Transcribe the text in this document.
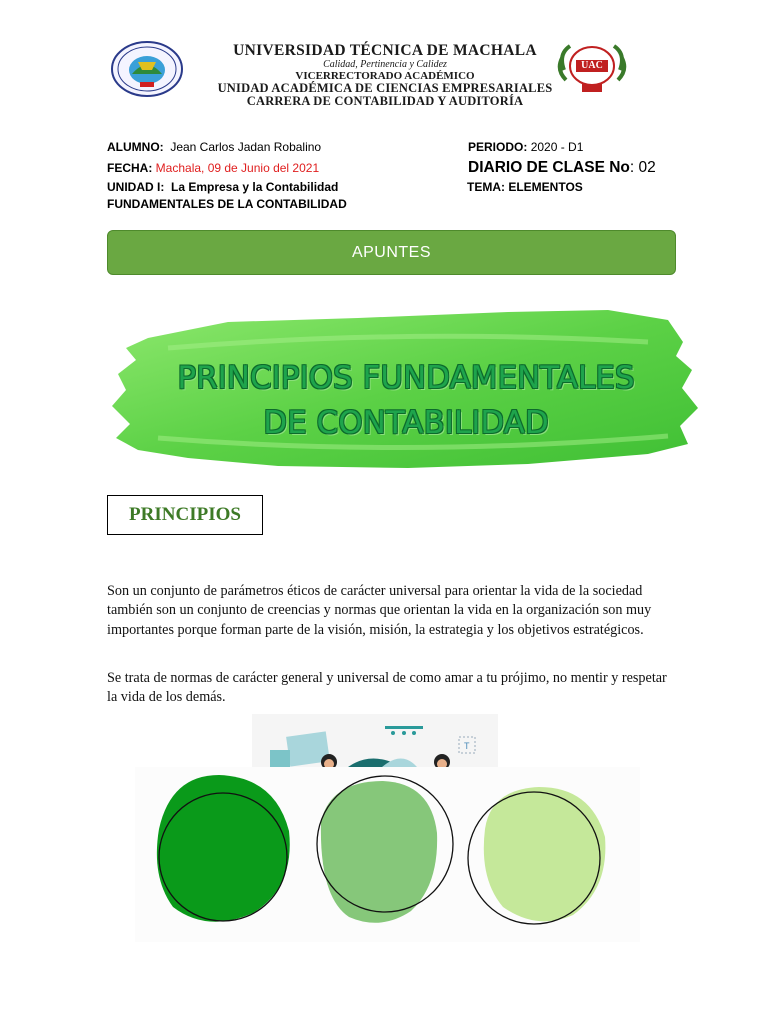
UNIVERSIDAD TÉCNICA DE MACHALA
Calidad, Pertinencia y Calidez
VICERRECTORADO ACADÉMICO
UNIDAD ACADÉMICA DE CIENCIAS EMPRESARIALES
CARRERA DE CONTABILIDAD Y AUDITORÍA
UAC
ALUMNO: Jean Carlos Jadan Robalino
FECHA: Machala, 09 de Junio del 2021
UNIDAD I: La Empresa y la Contabilidad
FUNDAMENTALES DE LA CONTABILIDAD
PERIODO: 2020 - D1
DIARIO DE CLASE No: 02
TEMA: ELEMENTOS
APUNTES
PRINCIPIOS FUNDAMENTALES
DE CONTABILIDAD
PRINCIPIOS

Son un conjunto de parámetros éticos de carácter universal para orientar la vida de la sociedad también son un conjunto de creencias y normas que orientan la vida en la organización son muy importantes porque forman parte de la visión, misión, la estrategia y los objetivos estratégicos.

Se trata de normas de carácter general y universal de como amar a tu prójimo, no mentir y respetar la vida de los demás.

T
